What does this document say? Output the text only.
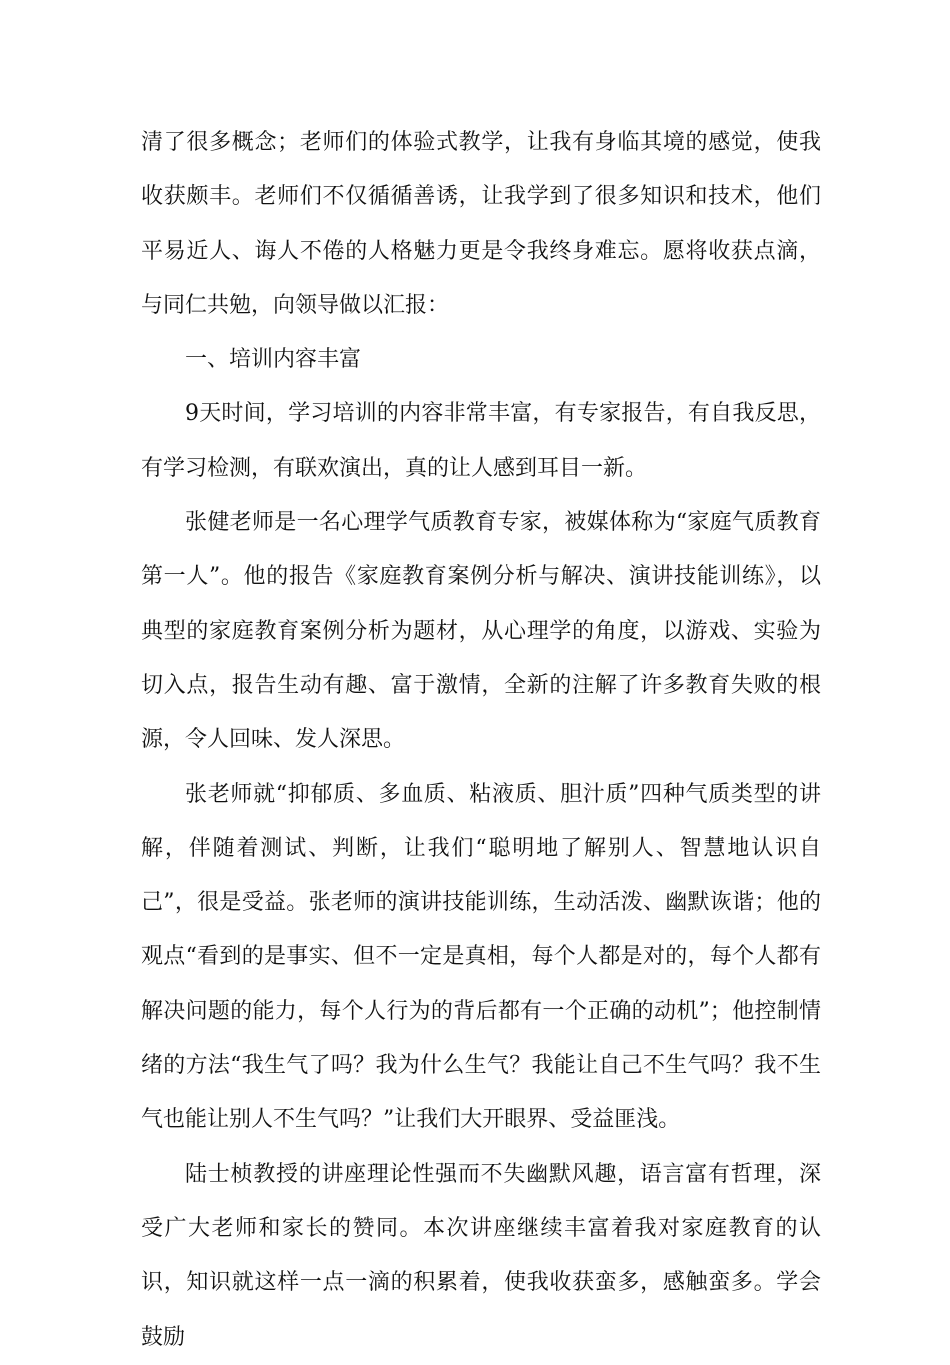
清了很多概念；老师们的体验式教学，让我有身临其境的感觉，使我收获颇丰。老师们不仅循循善诱，让我学到了很多知识和技术，他们平易近人、诲人不倦的人格魅力更是令我终身难忘。愿将收获点滴，与同仁共勉，向领导做以汇报：

一、培训内容丰富

9天时间，学习培训的内容非常丰富，有专家报告，有自我反思，有学习检测，有联欢演出，真的让人感到耳目一新。

张健老师是一名心理学气质教育专家，被媒体称为“家庭气质教育第一人”。他的报告《家庭教育案例分析与解决、演讲技能训练》，以典型的家庭教育案例分析为题材，从心理学的角度，以游戏、实验为切入点，报告生动有趣、富于激情，全新的注解了许多教育失败的根源，令人回味、发人深思。

张老师就“抑郁质、多血质、粘液质、胆汁质”四种气质类型的讲解，伴随着测试、判断，让我们“聪明地了解别人、智慧地认识自己”，很是受益。张老师的演讲技能训练，生动活泼、幽默诙谐；他的观点“看到的是事实、但不一定是真相，每个人都是对的，每个人都有解决问题的能力，每个人行为的背后都有一个正确的动机”；他控制情绪的方法“我生气了吗？我为什么生气？我能让自己不生气吗？我不生气也能让别人不生气吗？”让我们大开眼界、受益匪浅。

陆士桢教授的讲座理论性强而不失幽默风趣，语言富有哲理，深受广大老师和家长的赞同。本次讲座继续丰富着我对家庭教育的认识，知识就这样一点一滴的积累着，使我收获蛮多，感触蛮多。学会鼓励
